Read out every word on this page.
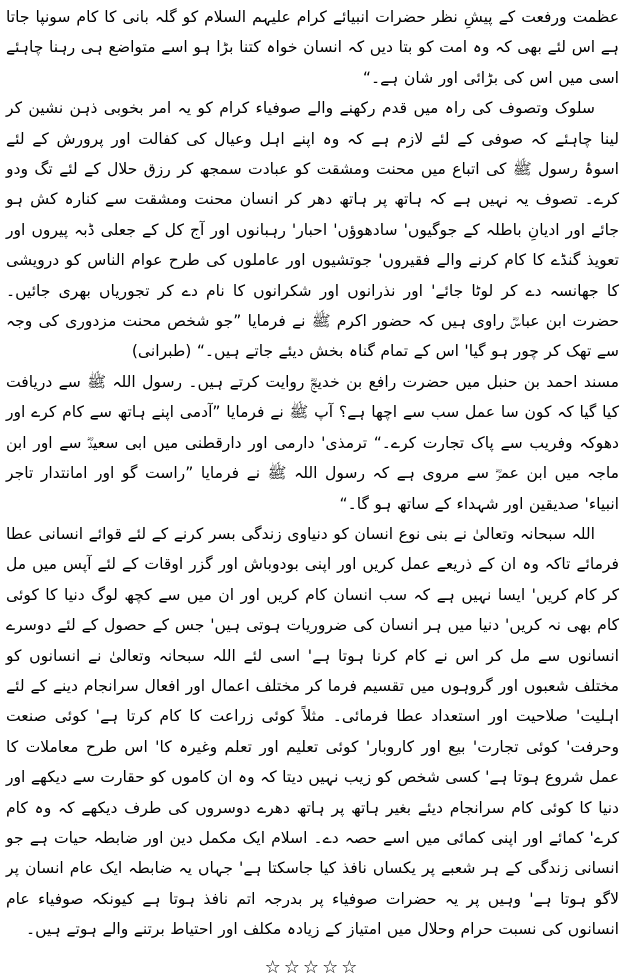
عظمت ورفعت کے پیشِ نظر حضرات انبیائے کرام علیہم السلام کو گلہ بانی کا کام سونپا جاتا ہے اس لئے بھی کہ وہ امت کو بتا دیں کہ انسان خواہ کتنا بڑا ہو اسے متواضع ہی رہنا چاہئے اسی میں اس کی بڑائی اور شان ہے۔“

سلوک وتصوف کی راہ میں قدم رکھنے والے صوفیاء کرام کو یہ امر بخوبی ذہن نشین کر لینا چاہئے کہ صوفی کے لئے لازم ہے کہ وہ اپنے اہل وعیال کی کفالت اور پرورش کے لئے اسوۂ رسول ﷺ کی اتباع میں محنت ومشقت کو عبادت سمجھ کر رزق حلال کے لئے تگ ودو کرے۔ تصوف یہ نہیں ہے کہ ہاتھ پر ہاتھ دھر کر انسان محنت ومشقت سے کنارہ کش ہو جائے اور ادیانِ باطلہ کے جوگیوں' سادھوؤں' احبار' رہبانوں اور آج کل کے جعلی ڈبہ پیروں اور تعویذ گنڈے کا کام کرنے والے فقیروں' جوتشیوں اور عاملوں کی طرح عوام الناس کو درویشی کا جھانسہ دے کر لوٹا جائے' اور نذرانوں اور شکرانوں کا نام دے کر تجوریاں بھری جائیں۔ حضرت ابن عباسؓ راوی ہیں کہ حضور اکرم ﷺ نے فرمایا ”جو شخص محنت مزدوری کی وجہ سے تھک کر چور ہو گیا' اس کے تمام گناہ بخش دیئے جاتے ہیں۔“ (طبرانی)

مسند احمد بن حنبل میں حضرت رافع بن خدیجؓ روایت کرتے ہیں۔ رسول اللہ ﷺ سے دریافت کیا گیا کہ کون سا عمل سب سے اچھا ہے؟ آپ ﷺ نے فرمایا ”آدمی اپنے ہاتھ سے کام کرے اور دھوکہ وفریب سے پاک تجارت کرے۔“ ترمذی' دارمی اور دارقطنی میں ابی سعیدؓ سے اور ابن ماجہ میں ابن عمرؓ سے مروی ہے کہ رسول اللہ ﷺ نے فرمایا ”راست گو اور امانتدار تاجر انبیاء' صدیقین اور شہداء کے ساتھ ہو گا۔“

اللہ سبحانہ وتعالیٰ نے بنی نوع انسان کو دنیاوی زندگی بسر کرنے کے لئے قوائے انسانی عطا فرمائے تاکہ وہ ان کے ذریعے عمل کریں اور اپنی بودوباش اور گزر اوقات کے لئے آپس میں مل کر کام کریں' ایسا نہیں ہے کہ سب انسان کام کریں اور ان میں سے کچھ لوگ دنیا کا کوئی کام بھی نہ کریں' دنیا میں ہر انسان کی ضروریات ہوتی ہیں' جس کے حصول کے لئے دوسرے انسانوں سے مل کر اس نے کام کرنا ہوتا ہے' اسی لئے اللہ سبحانہ وتعالیٰ نے انسانوں کو مختلف شعبوں اور گروہوں میں تقسیم فرما کر مختلف اعمال اور افعال سرانجام دینے کے لئے اہلیت' صلاحیت اور استعداد عطا فرمائی۔ مثلاً کوئی زراعت کا کام کرتا ہے' کوئی صنعت وحرفت' کوئی تجارت' بیع اور کاروبار' کوئی تعلیم اور تعلم وغیرہ کا' اس طرح معاملات کا عمل شروع ہوتا ہے' کسی شخص کو زیب نہیں دیتا کہ وہ ان کاموں کو حقارت سے دیکھے اور دنیا کا کوئی کام سرانجام دیئے بغیر ہاتھ پر ہاتھ دھرے دوسروں کی طرف دیکھے کہ وہ کام کرے' کمائے اور اپنی کمائی میں اسے حصہ دے۔ اسلام ایک مکمل دین اور ضابطہ حیات ہے جو انسانی زندگی کے ہر شعبے پر یکساں نافذ کیا جاسکتا ہے' جہاں یہ ضابطہ ایک عام انسان پر لاگو ہوتا ہے' وہیں پر یہ حضرات صوفیاء پر بدرجہ اتم نافذ ہوتا ہے کیونکہ صوفیاء عام انسانوں کی نسبت حرام وحلال میں امتیاز کے زیادہ مکلف اور احتیاط برتنے والے ہوتے ہیں۔

☆☆☆☆☆
